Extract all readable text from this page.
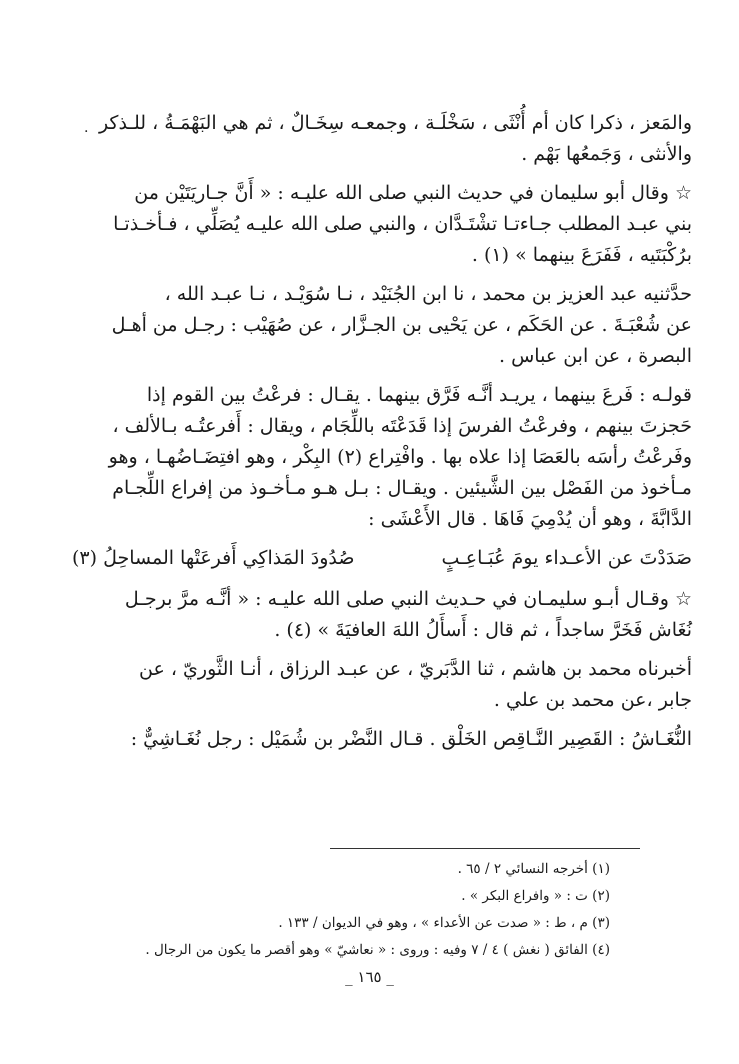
. والمَعز ، ذكرا كان أم أُنْثَى ، سَخْلَـة ، وجمعـه سِخَـالٌ ، ثم هي البَهْمَـةُ ، للـذكر
والأنثى ، وَجَمعُها بَهْم .
☆ وقال أبو سليمان في حديث النبي صلى الله عليـه : « أَنَّ جـاريَتَيْن من
بني عبـد المطلب جـاءتـا تشْتَـدَّان ، والنبي صلى الله عليـه يُصَلِّي ، فـأخـذتـا
برُكْبَتَيه ، فَفَرَعَ بينهما » (١) .
حدَّثنيه عبد العزيز بن محمد ، نا ابن الجُنَيْد ، نـا سُوَيْـد ، نـا عبـد الله ،
عن شُعْبَـةَ . عن الحَكَم ، عن يَحْيى بن الجـزَّار ، عن صُهَيْب : رجـل من أهـل
البصرة ، عن ابن عباس .
قولـه : فَرعَ بينهما ، يريـد أنَّـه فَرَّق بينهما . يقـال : فرعْتُ بين القوم إذا
حَجزتَ بينهم ، وفرعْتُ الفرسَ إذا قَدَعْتَه باللِّجَام ، ويقال : أَفرعتُـه بـالألف ،
وفَرعْتُ رأسَه بالعَصَا إذا علاه بها . وافْتِراع (٢) البِكْر ، وهو افتِضَـاضُهـا ، وهو
مـأخوذ من الفَصْل بين الشَّيئين . ويقـال : بـل هـو مـأخـوذ من إفراع اللِّجـام
الدَّابَّةَ ، وهو أن يُدْمِيَ فَاهَا . قال الأَعْشَى :
صَدَدْتَ عن الأعـداء يومَ عُبَـاعِـبٍ
صُدُودَ المَذاكِي أَفرعَتْها المساحِلُ (٣)
☆ وقـال أبـو سليمـان في حـديث النبي صلى الله عليـه : « أنَّـه مرَّ برجـل
نُغَاش فَخَرَّ ساجداً ، ثم قال : أَسأَلُ اللهَ العافيَةَ » (٤) .
أخبرناه محمد بن هاشم ، ثنا الدَّبَريّ ، عن عبـد الرزاق ، أنـا الثَّوريّ ، عن
جابر ،عن محمد بن علي .
النُّغَـاشُ : القَصِير النَّـاقِص الخَلْق . قـال النَّضْر بن شُمَيْل : رجل نُغَـاشِيٌّ :
(١) أخرجه النسائي ٢ / ٦٥ .
(٢) ت : « وافراع البكر » .
(٣) م ، ط : « صدت عن الأعداء » ، وهو في الديوان / ١٣٣ .
(٤) الفائق ( نغش ) ٤ / ٧ وفيه : وروى : « نعاشيّ » وهو أقصر ما يكون من الرجال .
_ ١٦٥ _
